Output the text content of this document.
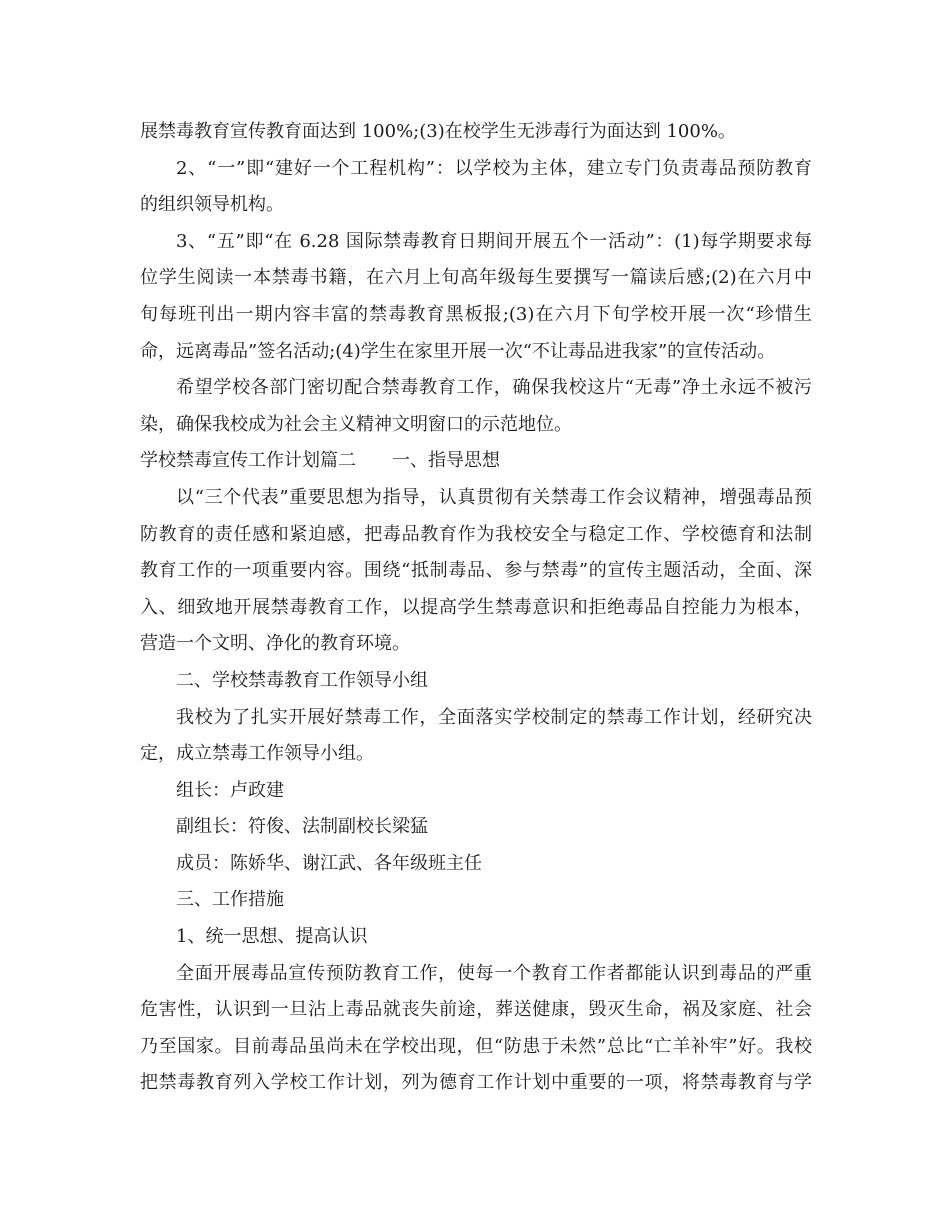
展禁毒教育宣传教育面达到 100%;(3)在校学生无涉毒行为面达到 100%。
2、“一”即“建好一个工程机构”：以学校为主体，建立专门负责毒品预防教育
的组织领导机构。
3、“五”即“在 6.28 国际禁毒教育日期间开展五个一活动”：(1)每学期要求每
位学生阅读一本禁毒书籍，在六月上旬高年级每生要撰写一篇读后感;(2)在六月中
旬每班刊出一期内容丰富的禁毒教育黑板报;(3)在六月下旬学校开展一次“珍惜生
命，远离毒品”签名活动;(4)学生在家里开展一次“不让毒品进我家”的宣传活动。
希望学校各部门密切配合禁毒教育工作，确保我校这片“无毒”净土永远不被污
染，确保我校成为社会主义精神文明窗口的示范地位。
学校禁毒宣传工作计划篇二 一、指导思想
以“三个代表”重要思想为指导，认真贯彻有关禁毒工作会议精神，增强毒品预
防教育的责任感和紧迫感，把毒品教育作为我校安全与稳定工作、学校德育和法制
教育工作的一项重要内容。围绕“抵制毒品、参与禁毒”的宣传主题活动，全面、深
入、细致地开展禁毒教育工作，以提高学生禁毒意识和拒绝毒品自控能力为根本，
营造一个文明、净化的教育环境。
二、学校禁毒教育工作领导小组
我校为了扎实开展好禁毒工作，全面落实学校制定的禁毒工作计划，经研究决
定，成立禁毒工作领导小组。
组长：卢政建
副组长：符俊、法制副校长梁猛
成员：陈娇华、谢江武、各年级班主任
三、工作措施
1、统一思想、提高认识
全面开展毒品宣传预防教育工作，使每一个教育工作者都能认识到毒品的严重
危害性，认识到一旦沾上毒品就丧失前途，葬送健康，毁灭生命，祸及家庭、社会
乃至国家。目前毒品虽尚未在学校出现，但“防患于未然”总比“亡羊补牢”好。我校
把禁毒教育列入学校工作计划，列为德育工作计划中重要的一项，将禁毒教育与学
